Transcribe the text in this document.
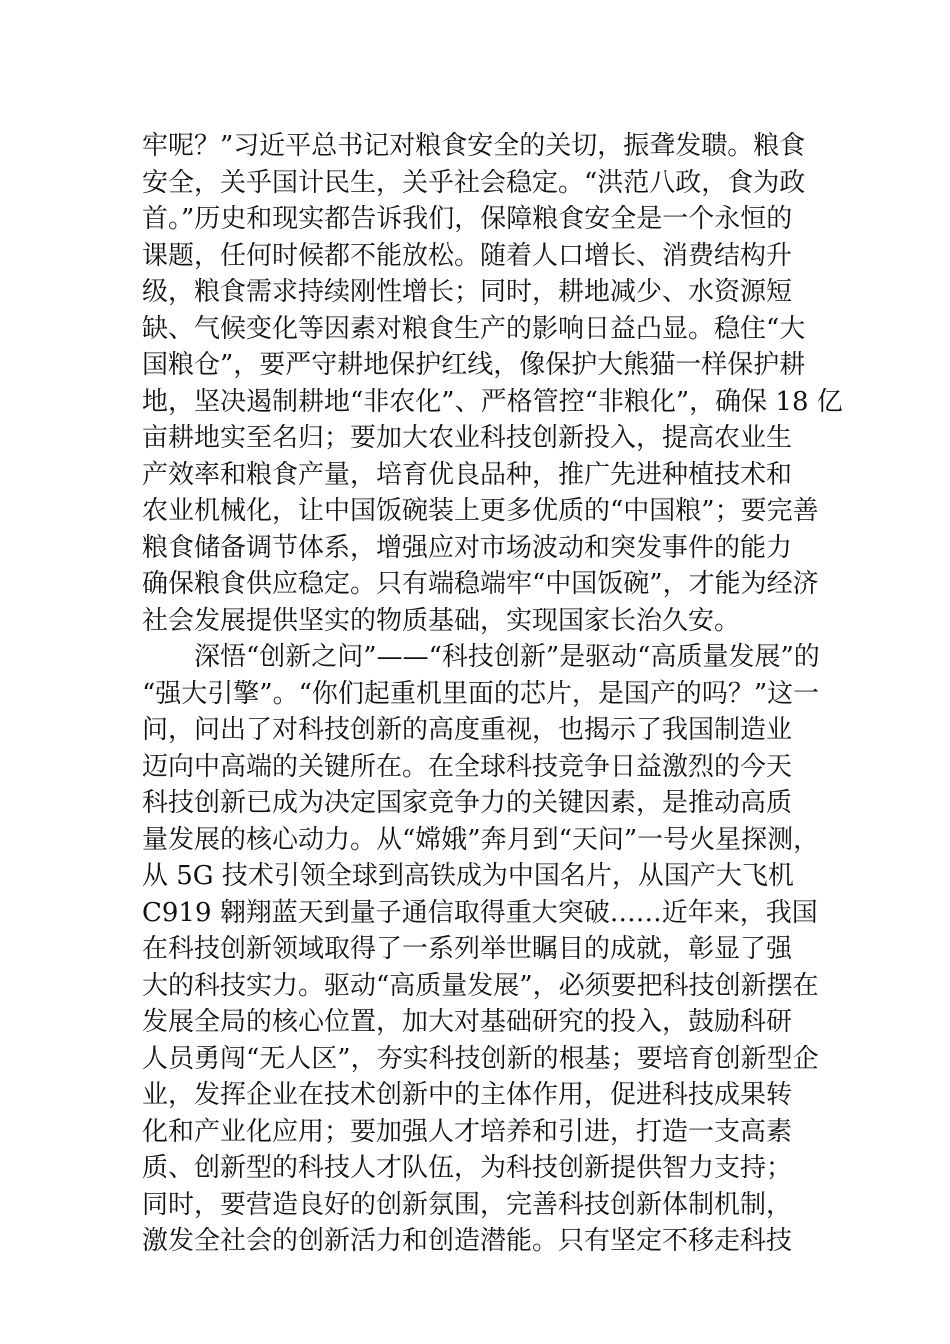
牢呢？”习近平总书记对粮食安全的关切，振聋发聩。粮食
安全，关乎国计民生，关乎社会稳定。“洪范八政，食为政
首。”历史和现实都告诉我们，保障粮食安全是一个永恒的
课题，任何时候都不能放松。随着人口增长、消费结构升
级，粮食需求持续刚性增长；同时，耕地减少、水资源短
缺、气候变化等因素对粮食生产的影响日益凸显。稳住“大
国粮仓”，要严守耕地保护红线，像保护大熊猫一样保护耕
地，坚决遏制耕地“非农化”、严格管控“非粮化”，确保 18 亿
亩耕地实至名归；要加大农业科技创新投入，提高农业生
产效率和粮食产量，培育优良品种，推广先进种植技术和
农业机械化，让中国饭碗装上更多优质的“中国粮”；要完善
粮食储备调节体系，增强应对市场波动和突发事件的能力
确保粮食供应稳定。只有端稳端牢“中国饭碗”，才能为经济
社会发展提供坚实的物质基础，实现国家长治久安。
　　深悟“创新之问”——“科技创新”是驱动“高质量发展”的
“强大引擎”。“你们起重机里面的芯片，是国产的吗？”这一
问，问出了对科技创新的高度重视，也揭示了我国制造业
迈向中高端的关键所在。在全球科技竞争日益激烈的今天
科技创新已成为决定国家竞争力的关键因素，是推动高质
量发展的核心动力。从“嫦娥”奔月到“天问”一号火星探测，
从 5G 技术引领全球到高铁成为中国名片，从国产大飞机
C919 翱翔蓝天到量子通信取得重大突破……近年来，我国
在科技创新领域取得了一系列举世瞩目的成就，彰显了强
大的科技实力。驱动“高质量发展”，必须要把科技创新摆在
发展全局的核心位置，加大对基础研究的投入，鼓励科研
人员勇闯“无人区”，夯实科技创新的根基；要培育创新型企
业，发挥企业在技术创新中的主体作用，促进科技成果转
化和产业化应用；要加强人才培养和引进，打造一支高素
质、创新型的科技人才队伍，为科技创新提供智力支持；
同时，要营造良好的创新氛围，完善科技创新体制机制，
激发全社会的创新活力和创造潜能。只有坚定不移走科技
